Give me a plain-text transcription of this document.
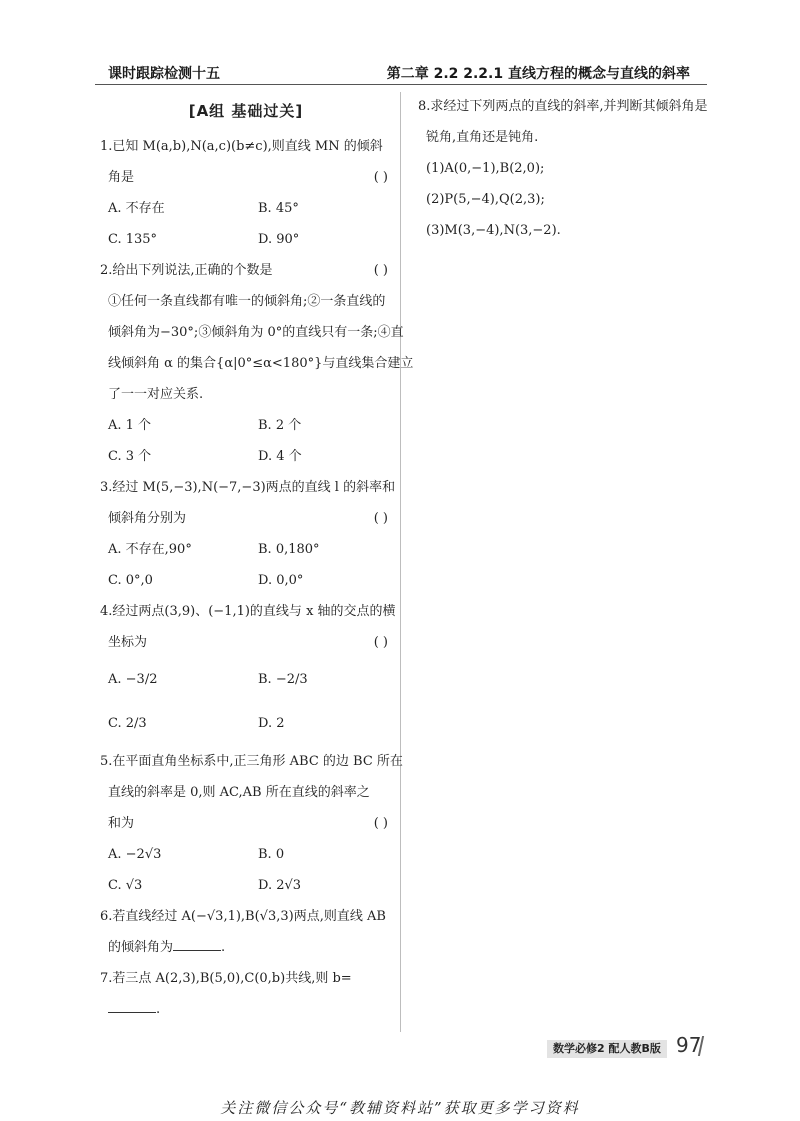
课时跟踪检测十五	第二章 2.2 2.2.1 直线方程的概念与直线的斜率
[A组 基础过关]
1.已知 M(a,b),N(a,c)(b≠c),则直线 MN 的倾斜
角是	( )
A. 不存在	B. 45°
C. 135°	D. 90°
2.给出下列说法,正确的个数是	( )
①任何一条直线都有唯一的倾斜角;②一条直线的
倾斜角为−30°;③倾斜角为 0°的直线只有一条;④直
线倾斜角 α 的集合{α|0°≤α<180°}与直线集合建立
了一一对应关系.
A. 1 个	B. 2 个
C. 3 个	D. 4 个
3.经过 M(5,−3),N(−7,−3)两点的直线 l 的斜率和
倾斜角分别为	( )
A. 不存在,90°	B. 0,180°
C. 0°,0	D. 0,0°
4.经过两点(3,9)、(−1,1)的直线与 x 轴的交点的横
坐标为	( )
A. −3/2	B. −2/3
C. 2/3	D. 2
5.在平面直角坐标系中,正三角形 ABC 的边 BC 所在
直线的斜率是 0,则 AC,AB 所在直线的斜率之
和为	( )
A. −2√3	B. 0
C. √3	D. 2√3
6.若直线经过 A(−√3,1),B(√3,3)两点,则直线 AB
的倾斜角为	.
7.若三点 A(2,3),B(5,0),C(0,b)共线,则 b=
.
8.求经过下列两点的直线的斜率,并判断其倾斜角是
锐角,直角还是钝角.
(1)A(0,−1),B(2,0);
(2)P(5,−4),Q(2,3);
(3)M(3,−4),N(3,−2).
数学必修2 配人教B版 97
关注微信公众号“教辅资料站”获取更多学习资料
